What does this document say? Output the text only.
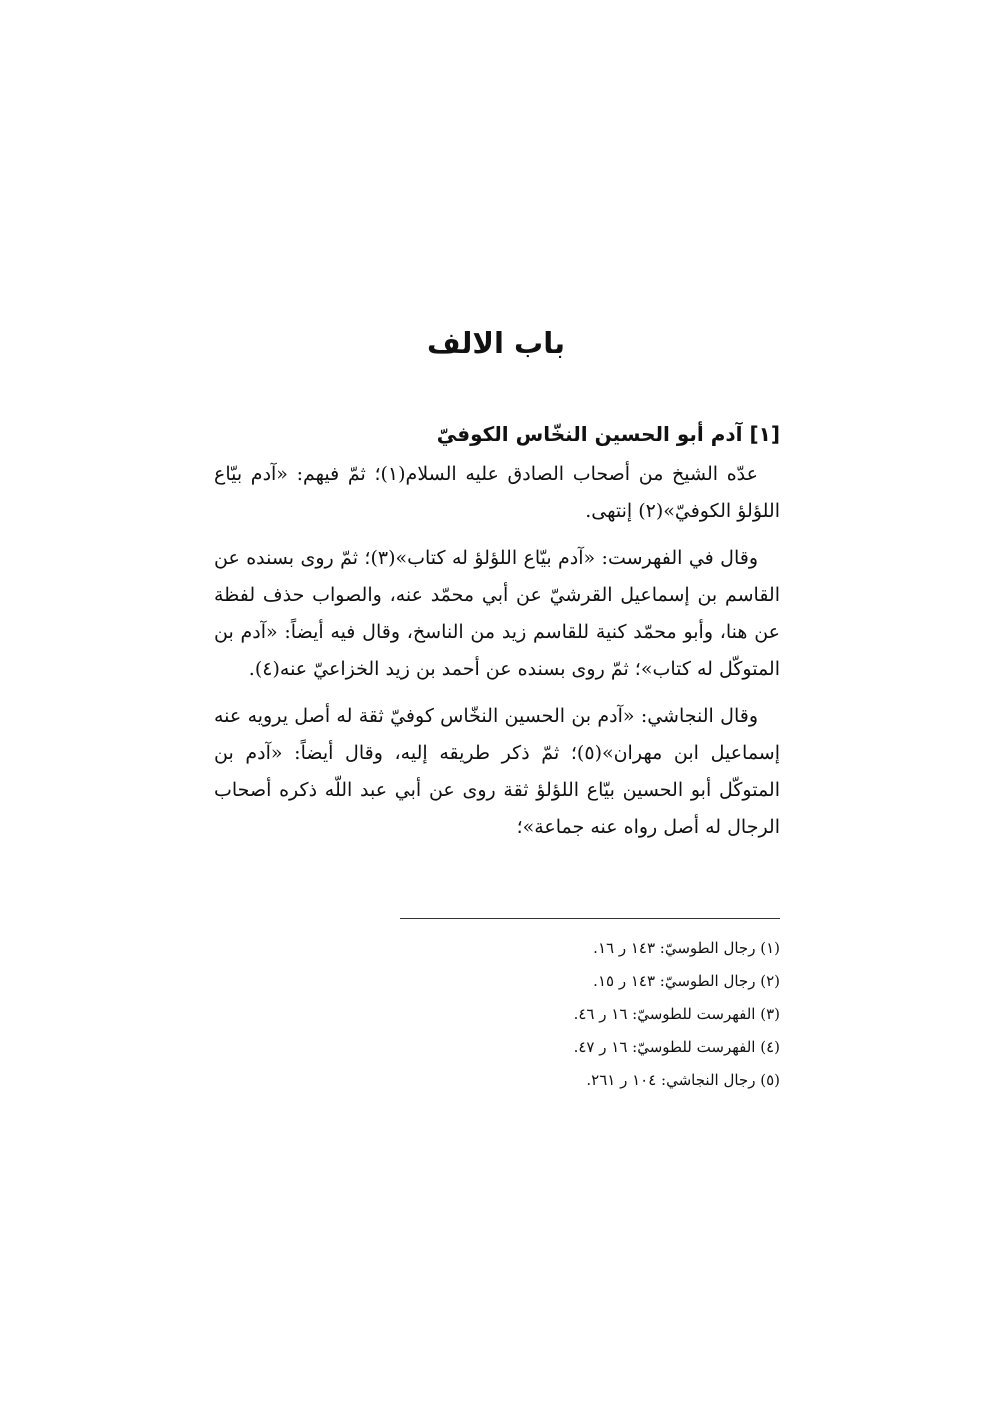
باب الالف
[١] آدم أبو الحسين النخّاس الكوفيّ

عدّه الشيخ من أصحاب الصادق عليه السلام(١)؛ ثمّ فيهم: «آدم بيّاع اللؤلؤ الكوفيّ»(٢) إنتهى.

وقال في الفهرست: «آدم بيّاع اللؤلؤ له كتاب»(٣)؛ ثمّ روى بسنده عن القاسم بن إسماعيل القرشيّ عن أبي محمّد عنه، والصواب حذف لفظة عن هنا، وأبو محمّد كنية للقاسم زيد من الناسخ، وقال فيه أيضاً: «آدم بن المتوكّل له كتاب»؛ ثمّ روى بسنده عن أحمد بن زيد الخزاعيّ عنه(٤).

وقال النجاشي: «آدم بن الحسين النخّاس كوفيّ ثقة له أصل يرويه عنه إسماعيل ابن مهران»(٥)؛ ثمّ ذكر طريقه إليه، وقال أيضاً: «آدم بن المتوكّل أبو الحسين بيّاع اللؤلؤ ثقة روى عن أبي عبد اللّه ذكره أصحاب الرجال له أصل رواه عنه جماعة»؛

(١) رجال الطوسيّ: ١٤٣ ر ١٦.
(٢) رجال الطوسيّ: ١٤٣ ر ١٥.
(٣) الفهرست للطوسيّ: ١٦ ر ٤٦.
(٤) الفهرست للطوسيّ: ١٦ ر ٤٧.
(٥) رجال النجاشي: ١٠٤ ر ٢٦١.
